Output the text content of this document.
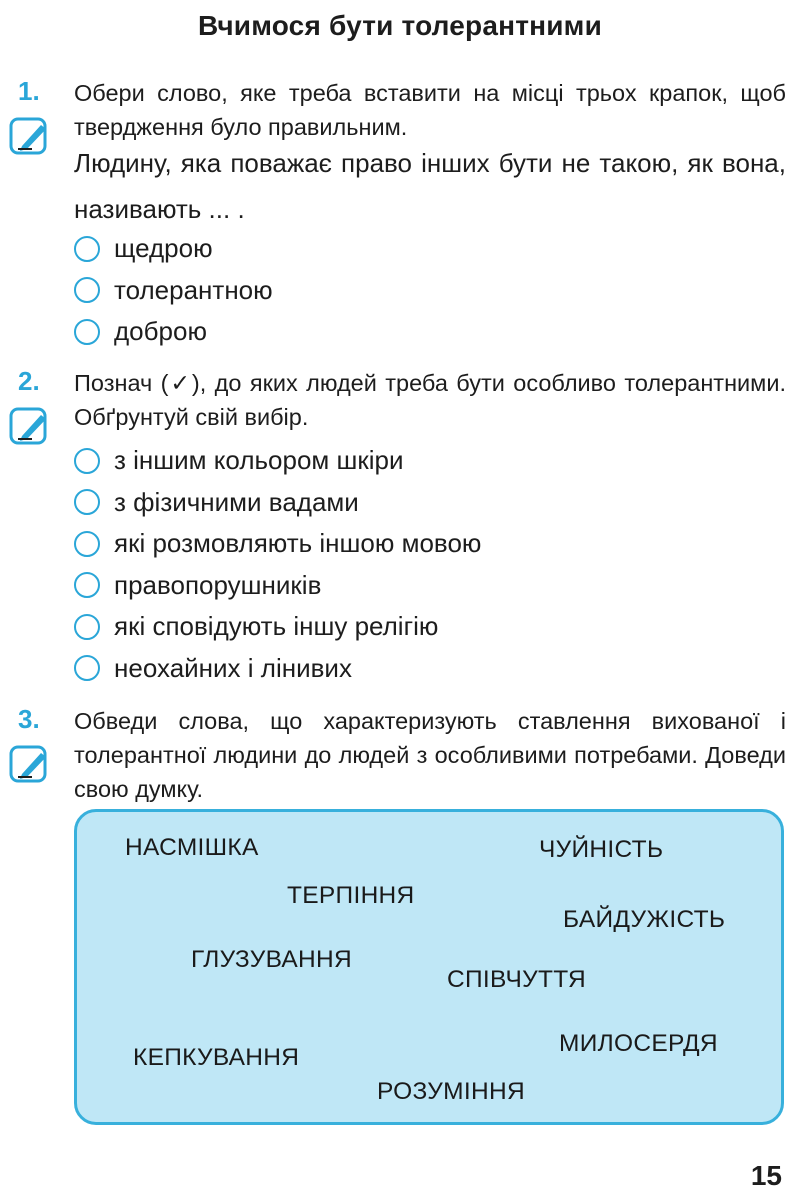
Вчимося бути толерантними
1. Обери слово, яке треба вставити на місці трьох крапок, щоб твердження було правильним.
Людину, яка поважає право інших бути не такою, як вона, називають ... .
щедрою
толерантною
доброю
2. Познач (✓), до яких людей треба бути особливо толерантними. Обґрунтуй свій вибір.
з іншим кольором шкіри
з фізичними вадами
які розмовляють іншою мовою
правопорушників
які сповідують іншу релігію
неохайних і лінивих
3. Обведи слова, що характеризують ставлення вихованої і толерантної людини до людей з особливими потребами. Доведи свою думку.
НАСМІШКА	ЧУЙНІСТЬ
ТЕРПІННЯ
БАЙДУЖІСТЬ
ГЛУЗУВАННЯ
СПІВЧУТТЯ
МИЛОСЕРДЯ
КЕПКУВАННЯ
РОЗУМІННЯ
15
